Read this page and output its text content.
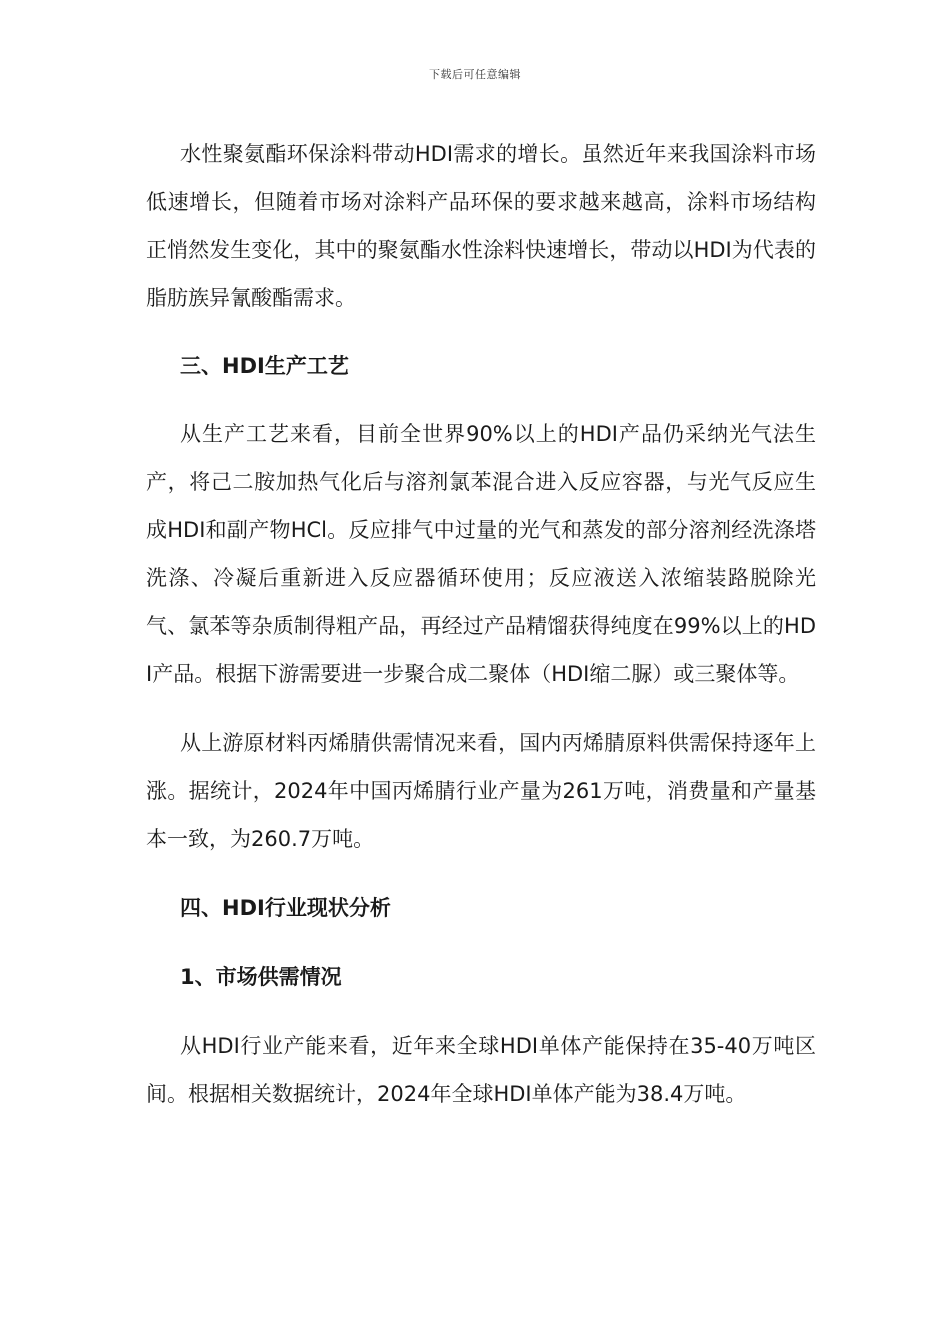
下载后可任意编辑

水性聚氨酯环保涂料带动HDI需求的增长。虽然近年来我国涂料市场低速增长，但随着市场对涂料产品环保的要求越来越高，涂料市场结构正悄然发生变化，其中的聚氨酯水性涂料快速增长，带动以HDI为代表的脂肪族异氰酸酯需求。

三、HDI生产工艺

从生产工艺来看，目前全世界90%以上的HDI产品仍采纳光气法生产，将己二胺加热气化后与溶剂氯苯混合进入反应容器，与光气反应生成HDI和副产物HCl。反应排气中过量的光气和蒸发的部分溶剂经洗涤塔洗涤、冷凝后重新进入反应器循环使用；反应液送入浓缩装路脱除光气、氯苯等杂质制得粗产品，再经过产品精馏获得纯度在99%以上的HDI产品。根据下游需要进一步聚合成二聚体（HDI缩二脲）或三聚体等。

从上游原材料丙烯腈供需情况来看，国内丙烯腈原料供需保持逐年上涨。据统计，2024年中国丙烯腈行业产量为261万吨，消费量和产量基本一致，为260.7万吨。

四、HDI行业现状分析

1、市场供需情况

从HDI行业产能来看，近年来全球HDI单体产能保持在35-40万吨区间。根据相关数据统计，2024年全球HDI单体产能为38.4万吨。
